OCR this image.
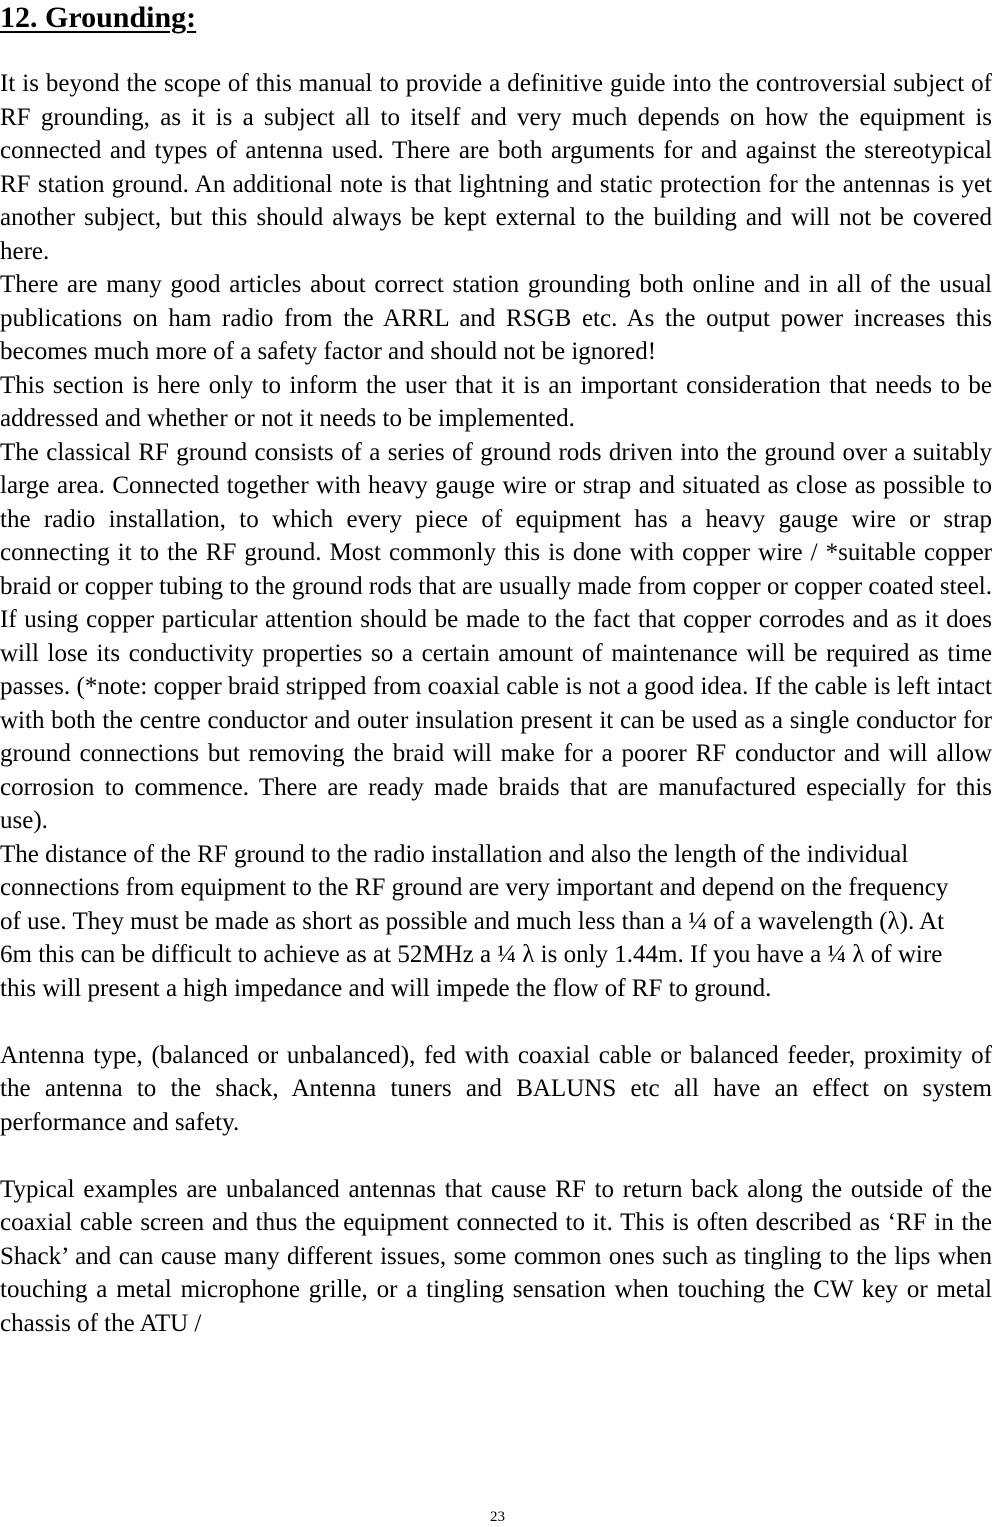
12. Grounding:

It is beyond the scope of this manual to provide a definitive guide into the controversial subject of RF grounding, as it is a subject all to itself and very much depends on how the equipment is connected and types of antenna used. There are both arguments for and against the stereotypical RF station ground. An additional note is that lightning and static protection for the antennas is yet another subject, but this should always be kept external to the building and will not be covered here.

There are many good articles about correct station grounding both online and in all of the usual publications on ham radio from the ARRL and RSGB etc. As the output power increases this becomes much more of a safety factor and should not be ignored!

This section is here only to inform the user that it is an important consideration that needs to be addressed and whether or not it needs to be implemented.

The classical RF ground consists of a series of ground rods driven into the ground over a suitably large area. Connected together with heavy gauge wire or strap and situated as close as possible to the radio installation, to which every piece of equipment has a heavy gauge wire or strap connecting it to the RF ground. Most commonly this is done with copper wire / *suitable copper braid or copper tubing to the ground rods that are usually made from copper or copper coated steel. If using copper particular attention should be made to the fact that copper corrodes and as it does will lose its conductivity properties so a certain amount of maintenance will be required as time passes. (*note: copper braid stripped from coaxial cable is not a good idea. If the cable is left intact with both the centre conductor and outer insulation present it can be used as a single conductor for ground connections but removing the braid will make for a poorer RF conductor and will allow corrosion to commence. There are ready made braids that are manufactured especially for this use).

The distance of the RF ground to the radio installation and also the length of the individual connections from equipment to the RF ground are very important and depend on the frequency of use. They must be made as short as possible and much less than a ¼ of a wavelength (λ). At 6m this can be difficult to achieve as at 52MHz a ¼ λ is only 1.44m. If you have a ¼ λ of wire this will present a high impedance and will impede the flow of RF to ground.

Antenna type, (balanced or unbalanced), fed with coaxial cable or balanced feeder, proximity of the antenna to the shack, Antenna tuners and BALUNS etc all have an effect on system performance and safety.

Typical examples are unbalanced antennas that cause RF to return back along the outside of the coaxial cable screen and thus the equipment connected to it. This is often described as ‘RF in the Shack’ and can cause many different issues, some common ones such as tingling to the lips when touching a metal microphone grille, or a tingling sensation when touching the CW key or metal chassis of the ATU /

23
